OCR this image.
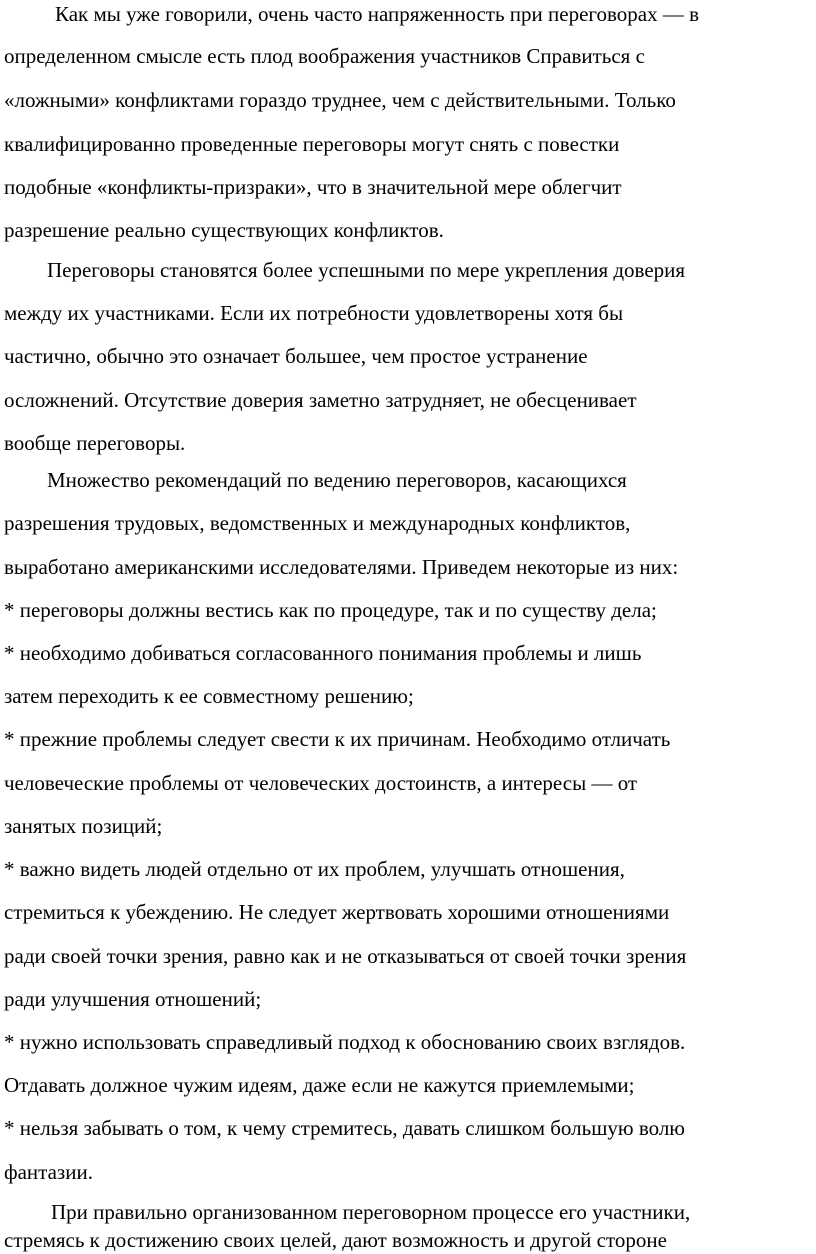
Как мы уже говорили, очень часто напряженность при переговорах — в
определенном смысле есть плод воображения участников Справиться с
«ложными» конфликтами гораздо труднее, чем с действительными. Только
квалифицированно проведенные переговоры могут снять с повестки
подобные «конфликты-призраки», что в значительной мере облегчит
разрешение реально существующих конфликтов.
Переговоры становятся более успешными по мере укрепления доверия
между их участниками. Если их потребности удовлетворены хотя бы
частично, обычно это означает большее, чем простое устранение
осложнений. Отсутствие доверия заметно затрудняет, не обесценивает
вообще переговоры.
Множество рекомендаций по ведению переговоров, касающихся
разрешения трудовых, ведомственных и международных конфликтов,
выработано американскими исследователями. Приведем некоторые из них:
* переговоры должны вестись как по процедуре, так и по существу дела;
* необходимо добиваться согласованного понимания проблемы и лишь
затем переходить к ее совместному решению;
* прежние проблемы следует свести к их причинам. Необходимо отличать
человеческие проблемы от человеческих достоинств, а интересы — от
занятых позиций;
* важно видеть людей отдельно от их проблем, улучшать отношения,
стремиться к убеждению. Не следует жертвовать хорошими отношениями
ради своей точки зрения, равно как и не отказываться от своей точки зрения
ради улучшения отношений;
* нужно использовать справедливый подход к обоснованию своих взглядов.
Отдавать должное чужим идеям, даже если не кажутся приемлемыми;
* нельзя забывать о том, к чему стремитесь, давать слишком большую волю
фантазии.
При правильно организованном переговорном процессе его участники,
стремясь к достижению своих целей, дают возможность и другой стороне
